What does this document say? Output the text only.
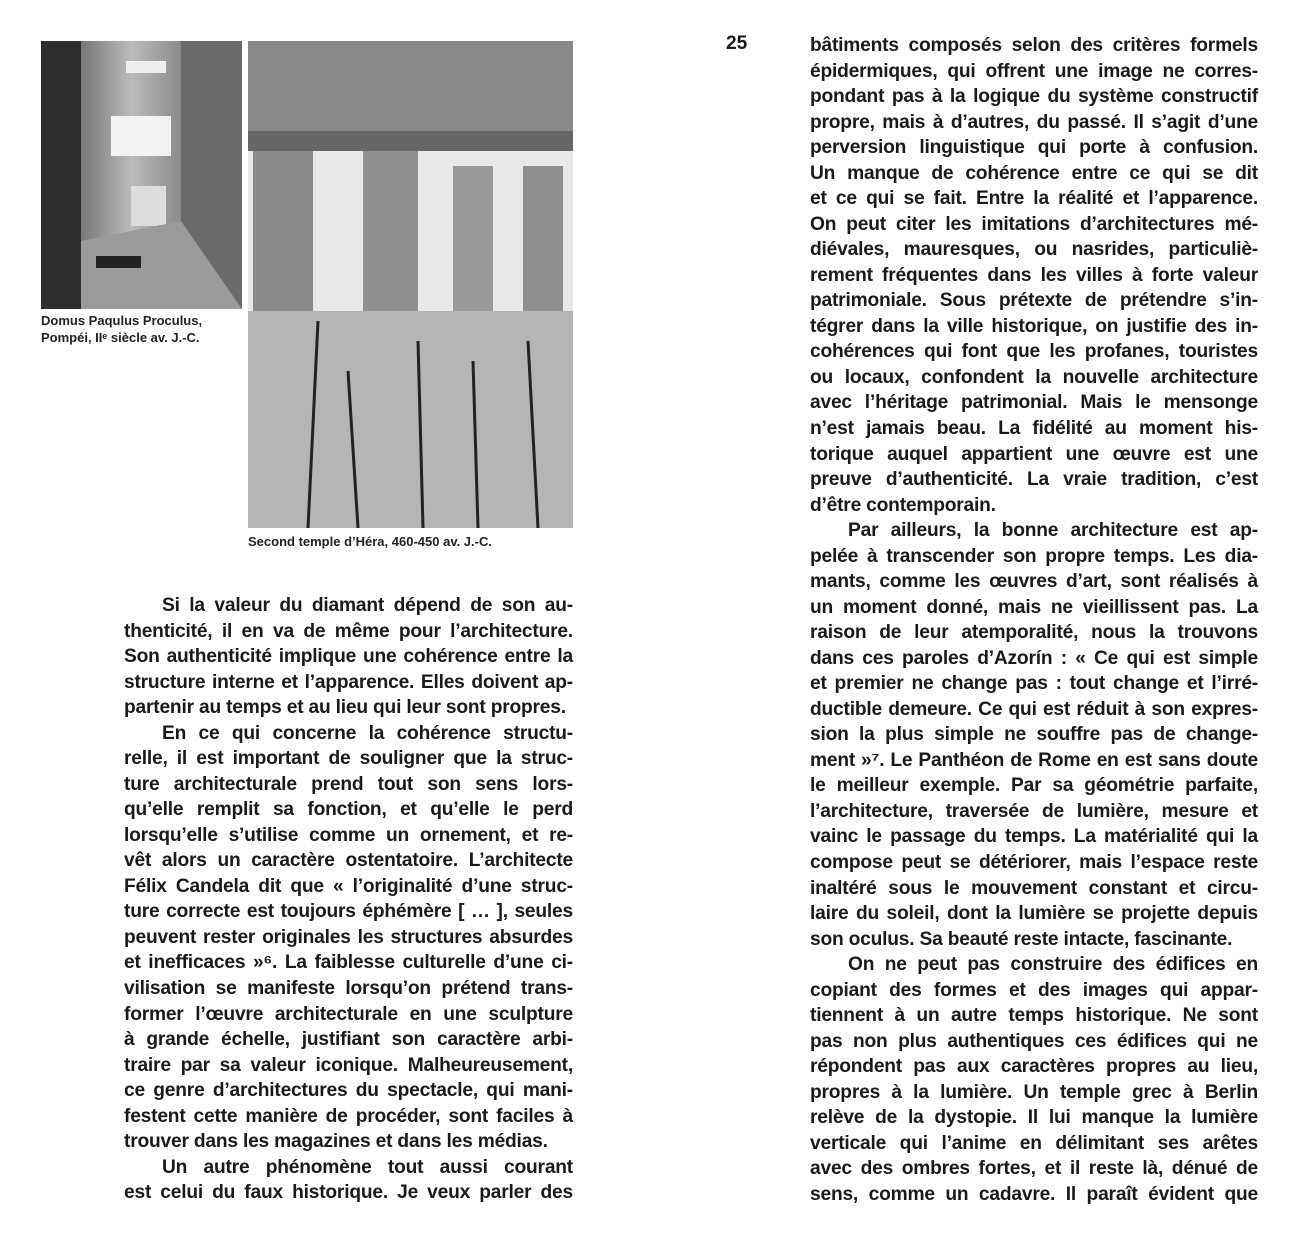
Domus Paqulus Proculus,
Pompéi, IIᵉ siècle av. J.-C.
Second temple d’Héra, 460-450 av. J.-C.
25
Si la valeur du diamant dépend de son au-
thenticité, il en va de même pour l’architecture.
Son authenticité implique une cohérence entre la
structure interne et l’apparence. Elles doivent ap-
partenir au temps et au lieu qui leur sont propres.
En ce qui concerne la cohérence structu-
relle, il est important de souligner que la struc-
ture architecturale prend tout son sens lors-
qu’elle remplit sa fonction, et qu’elle le perd
lorsqu’elle s’utilise comme un ornement, et re-
vêt alors un caractère ostentatoire. L’architecte
Félix Candela dit que « l’originalité d’une struc-
ture correcte est toujours éphémère [ … ], seules
peuvent rester originales les structures absurdes
et inefficaces »⁶. La faiblesse culturelle d’une ci-
vilisation se manifeste lorsqu’on prétend trans-
former l’œuvre architecturale en une sculpture
à grande échelle, justifiant son caractère arbi-
traire par sa valeur iconique. Malheureusement,
ce genre d’architectures du spectacle, qui mani-
festent cette manière de procéder, sont faciles à
trouver dans les magazines et dans les médias.
Un autre phénomène tout aussi courant
est celui du faux historique. Je veux parler des
bâtiments composés selon des critères formels
épidermiques, qui offrent une image ne corres-
pondant pas à la logique du système constructif
propre, mais à d’autres, du passé. Il s’agit d’une
perversion linguistique qui porte à confusion.
Un manque de cohérence entre ce qui se dit
et ce qui se fait. Entre la réalité et l’apparence.
On peut citer les imitations d’architectures mé-
diévales, mauresques, ou nasrides, particuliè-
rement fréquentes dans les villes à forte valeur
patrimoniale. Sous prétexte de prétendre s’in-
tégrer dans la ville historique, on justifie des in-
cohérences qui font que les profanes, touristes
ou locaux, confondent la nouvelle architecture
avec l’héritage patrimonial. Mais le mensonge
n’est jamais beau. La fidélité au moment his-
torique auquel appartient une œuvre est une
preuve d’authenticité. La vraie tradition, c’est
d’être contemporain.
Par ailleurs, la bonne architecture est ap-
pelée à transcender son propre temps. Les dia-
mants, comme les œuvres d’art, sont réalisés à
un moment donné, mais ne vieillissent pas. La
raison de leur atemporalité, nous la trouvons
dans ces paroles d’Azorín : « Ce qui est simple
et premier ne change pas : tout change et l’irré-
ductible demeure. Ce qui est réduit à son expres-
sion la plus simple ne souffre pas de change-
ment »⁷. Le Panthéon de Rome en est sans doute
le meilleur exemple. Par sa géométrie parfaite,
l’architecture, traversée de lumière, mesure et
vainc le passage du temps. La matérialité qui la
compose peut se détériorer, mais l’espace reste
inaltéré sous le mouvement constant et circu-
laire du soleil, dont la lumière se projette depuis
son oculus. Sa beauté reste intacte, fascinante.
On ne peut pas construire des édifices en
copiant des formes et des images qui appar-
tiennent à un autre temps historique. Ne sont
pas non plus authentiques ces édifices qui ne
répondent pas aux caractères propres au lieu,
propres à la lumière. Un temple grec à Berlin
relève de la dystopie. Il lui manque la lumière
verticale qui l’anime en délimitant ses arêtes
avec des ombres fortes, et il reste là, dénué de
sens, comme un cadavre. Il paraît évident que
